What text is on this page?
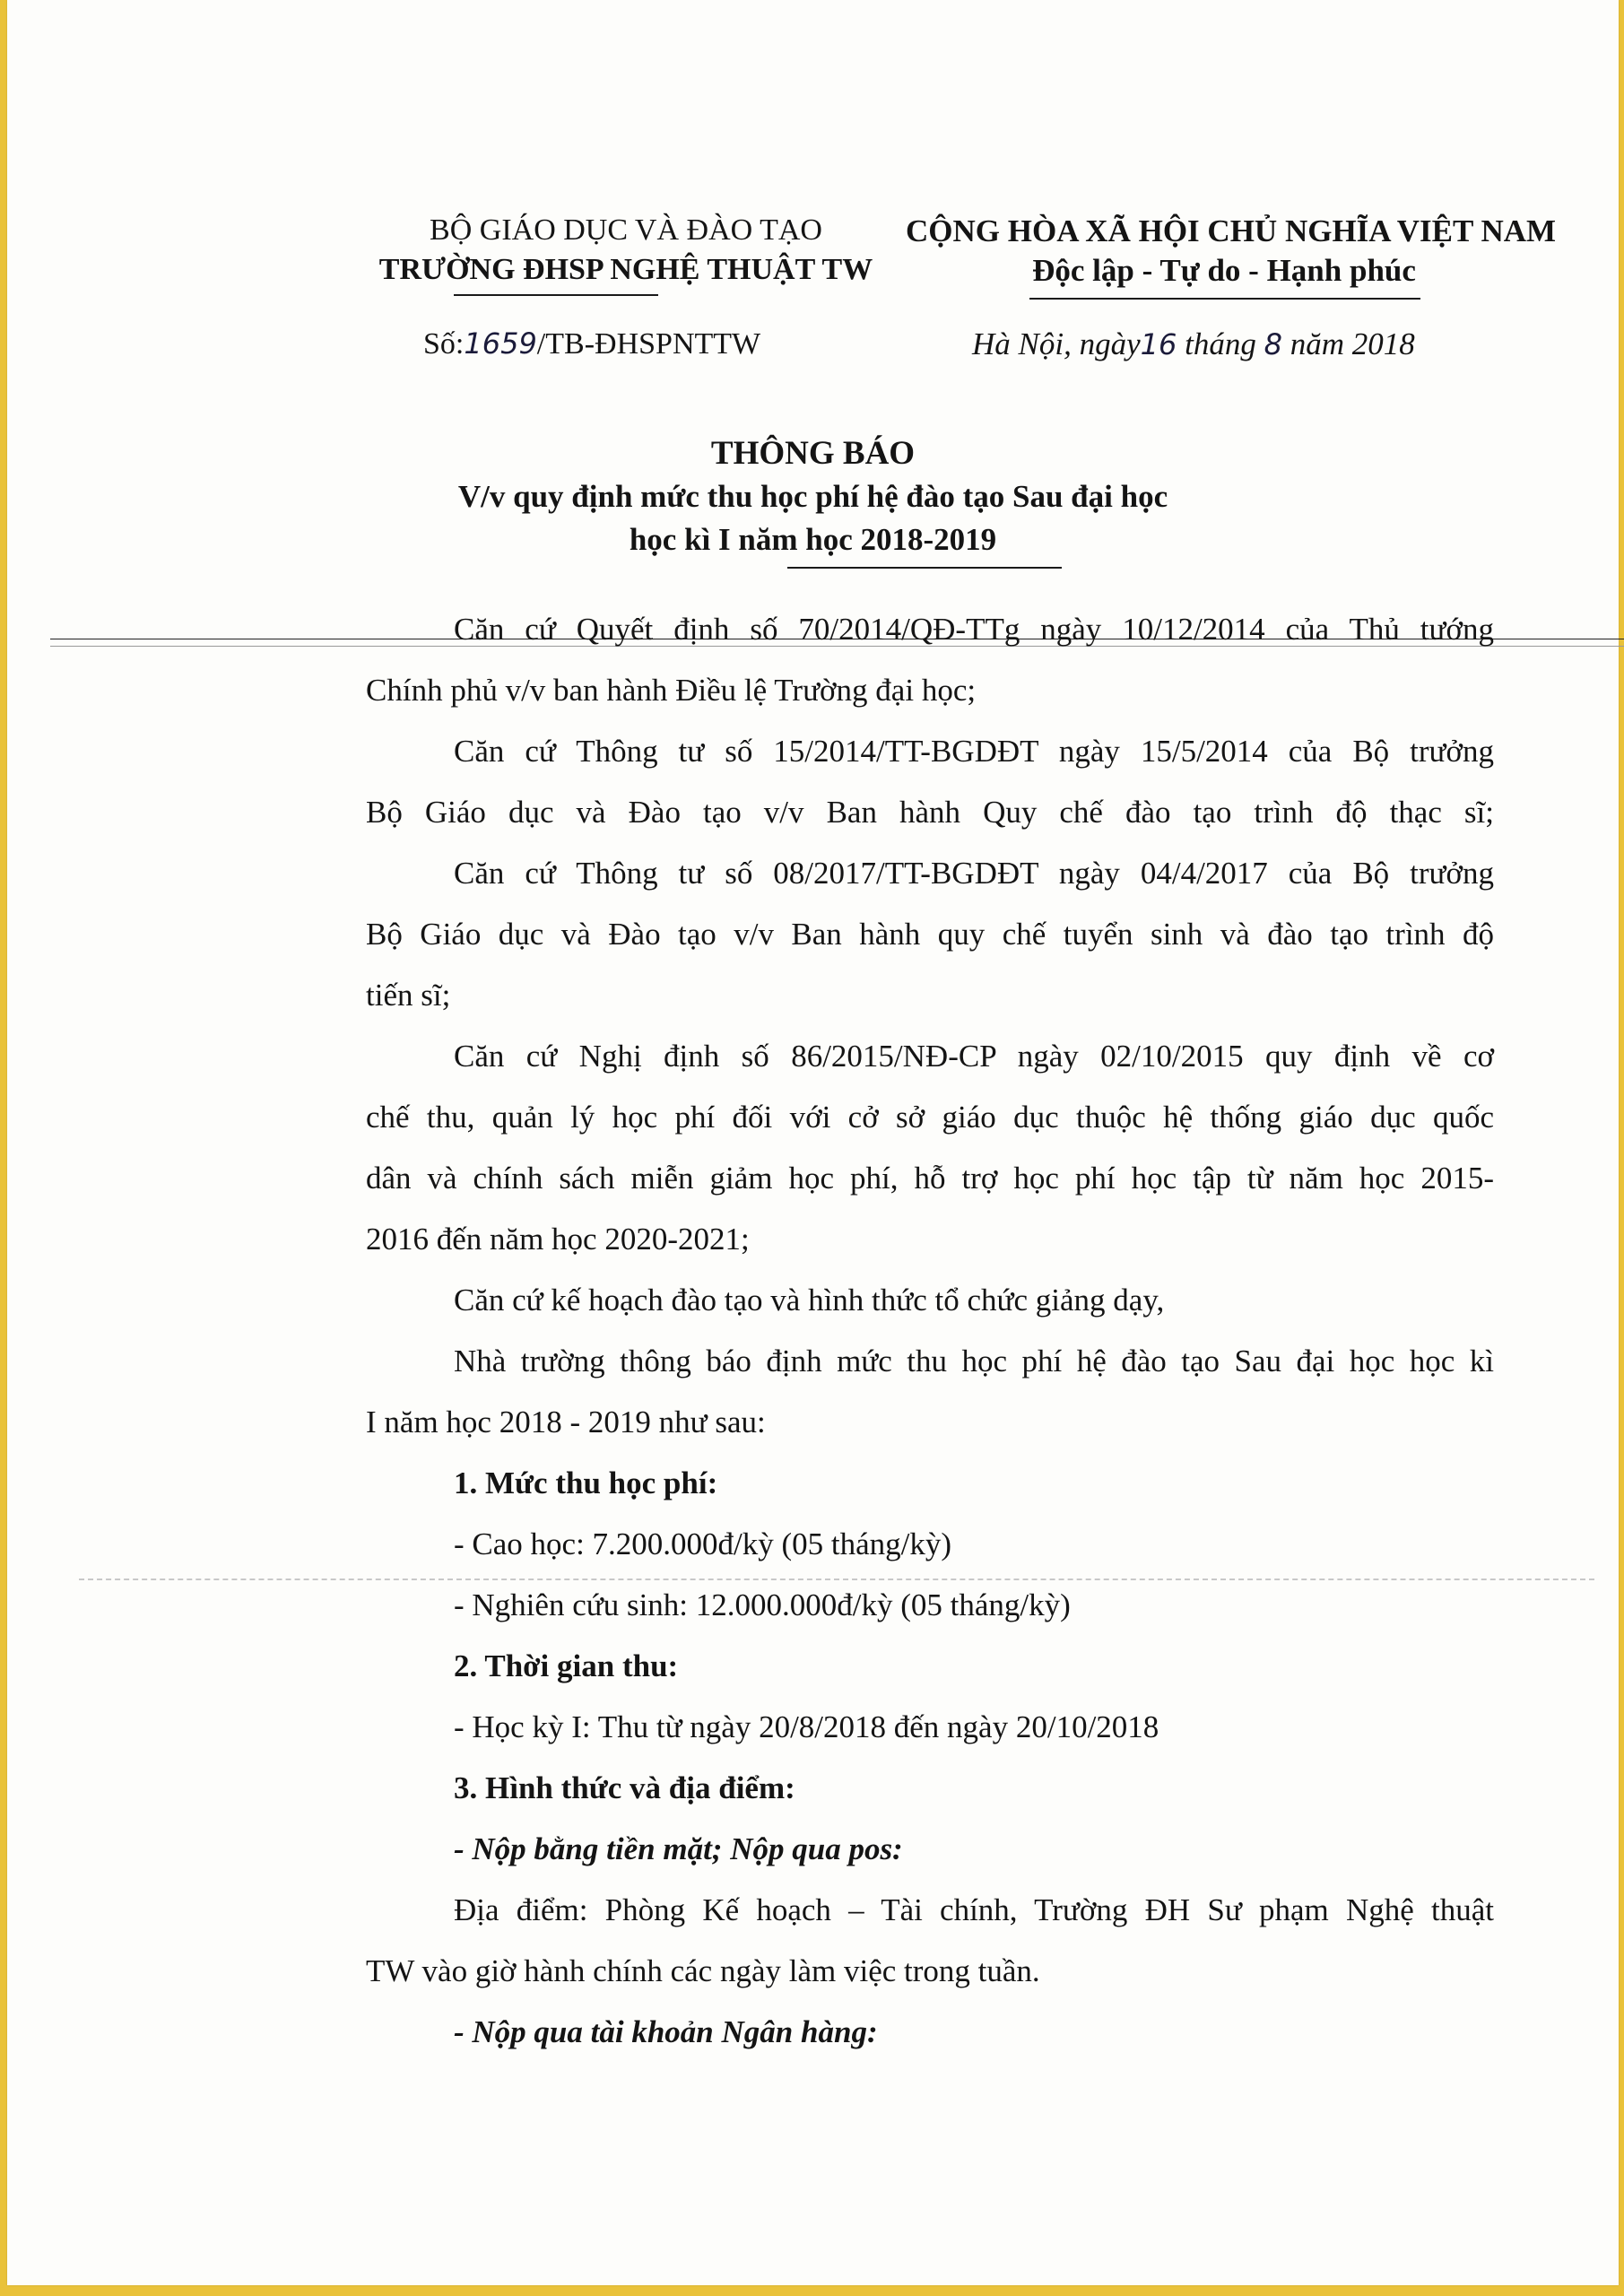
BỘ GIÁO DỤC VÀ ĐÀO TẠO
TRƯỜNG ĐHSP NGHỆ THUẬT TW
CỘNG HÒA XÃ HỘI CHỦ NGHĨA VIỆT NAM
Độc lập - Tự do - Hạnh phúc
Số:1659/TB-ĐHSPNTTW	Hà Nội, ngày16 tháng 8 năm 2018
THÔNG BÁO
V/v quy định mức thu học phí hệ đào tạo Sau đại học
học kì I năm học 2018-2019
Căn cứ Quyết định số 70/2014/QĐ-TTg ngày 10/12/2014 của Thủ tướng
Chính phủ v/v ban hành Điều lệ Trường đại học;
Căn cứ Thông tư số 15/2014/TT-BGDĐT ngày 15/5/2014 của Bộ trưởng
Bộ Giáo dục và Đào tạo v/v Ban hành Quy chế đào tạo trình độ thạc sĩ;
Căn cứ Thông tư số 08/2017/TT-BGDĐT ngày 04/4/2017 của Bộ trưởng
Bộ Giáo dục và Đào tạo v/v Ban hành quy chế tuyển sinh và đào tạo trình độ
tiến sĩ;
Căn cứ Nghị định số 86/2015/NĐ-CP ngày 02/10/2015 quy định về cơ
chế thu, quản lý học phí đối với cở sở giáo dục thuộc hệ thống giáo dục quốc
dân và chính sách miễn giảm học phí, hỗ trợ học phí học tập từ năm học 2015-
2016 đến năm học 2020-2021;
Căn cứ kế hoạch đào tạo và hình thức tổ chức giảng dạy,
Nhà trường thông báo định mức thu học phí hệ đào tạo Sau đại học học kì
I năm học 2018 - 2019 như sau:
1. Mức thu học phí:
- Cao học: 7.200.000đ/kỳ (05 tháng/kỳ)
- Nghiên cứu sinh: 12.000.000đ/kỳ (05 tháng/kỳ)
2. Thời gian thu:
- Học kỳ I: Thu từ ngày 20/8/2018 đến ngày 20/10/2018
3. Hình thức và địa điểm:
- Nộp bằng tiền mặt; Nộp qua pos:
Địa điểm: Phòng Kế hoạch – Tài chính, Trường ĐH Sư phạm Nghệ thuật
TW vào giờ hành chính các ngày làm việc trong tuần.
- Nộp qua tài khoản Ngân hàng:
